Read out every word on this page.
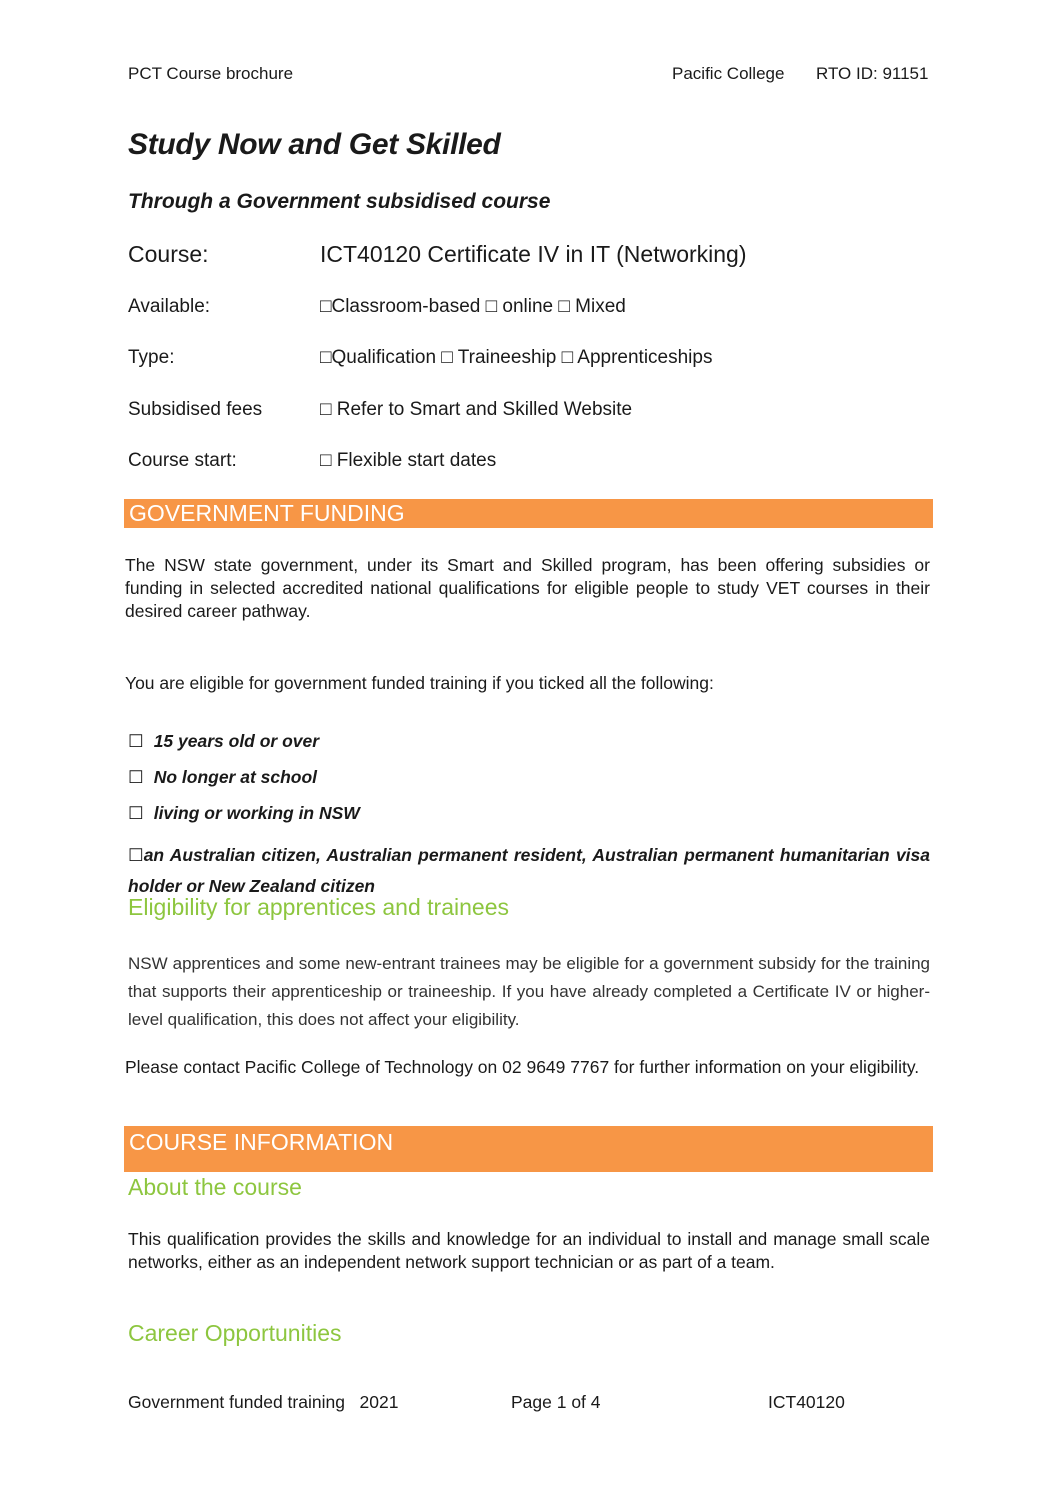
PCT Course brochure	Pacific College RTO ID: 91151
Study Now and Get Skilled
Through a Government subsidised course
Course:	ICT40120 Certificate IV in IT (Networking)
Available:	□Classroom-based □ online □ Mixed
Type:	□Qualification □ Traineeship □ Apprenticeships
Subsidised fees	□ Refer to Smart and Skilled Website
Course start:	□ Flexible start dates
GOVERNMENT FUNDING
The NSW state government, under its Smart and Skilled program, has been offering subsidies or funding in selected accredited national qualifications for eligible people to study VET courses in their desired career pathway.
You are eligible for government funded training if you ticked all the following:
☐ 15 years old or over
☐ No longer at school
☐ living or working in NSW
☐an Australian citizen, Australian permanent resident, Australian permanent humanitarian visa holder or New Zealand citizen
Eligibility for apprentices and trainees
NSW apprentices and some new-entrant trainees may be eligible for a government subsidy for the training that supports their apprenticeship or traineeship. If you have already completed a Certificate IV or higher-level qualification, this does not affect your eligibility.
Please contact Pacific College of Technology on 02 9649 7767 for further information on your eligibility.
COURSE INFORMATION
About the course
This qualification provides the skills and knowledge for an individual to install and manage small scale networks, either as an independent network support technician or as part of a team.
Career Opportunities
Government funded training   2021	Page 1 of 4	ICT40120
